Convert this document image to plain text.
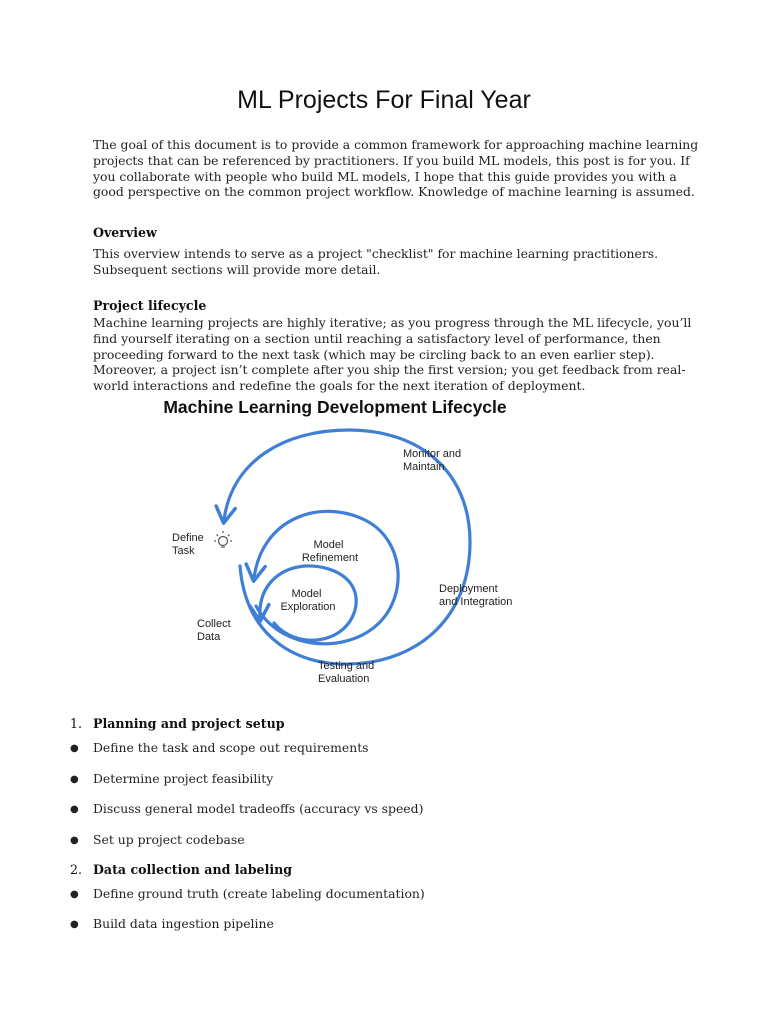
ML Projects For Final Year
The goal of this document is to provide a common framework for approaching machine learning
projects that can be referenced by practitioners. If you build ML models, this post is for you. If
you collaborate with people who build ML models, I hope that this guide provides you with a
good perspective on the common project workflow. Knowledge of machine learning is assumed.
Overview
This overview intends to serve as a project "checklist" for machine learning practitioners.
Subsequent sections will provide more detail.
Project lifecycle
Machine learning projects are highly iterative; as you progress through the ML lifecycle, you’ll
find yourself iterating on a section until reaching a satisfactory level of performance, then
proceeding forward to the next task (which may be circling back to an even earlier step).
Moreover, a project isn’t complete after you ship the first version; you get feedback from real-
world interactions and redefine the goals for the next iteration of deployment.
Machine Learning Development Lifecycle
Monitor and Maintain
Define Task	Model Refinement
Deployment and Integration
Model Exploration
Collect Data
Testing and Evaluation
1. Planning and project setup
● Define the task and scope out requirements
● Determine project feasibility
● Discuss general model tradeoffs (accuracy vs speed)
● Set up project codebase
2. Data collection and labeling
● Define ground truth (create labeling documentation)
● Build data ingestion pipeline
